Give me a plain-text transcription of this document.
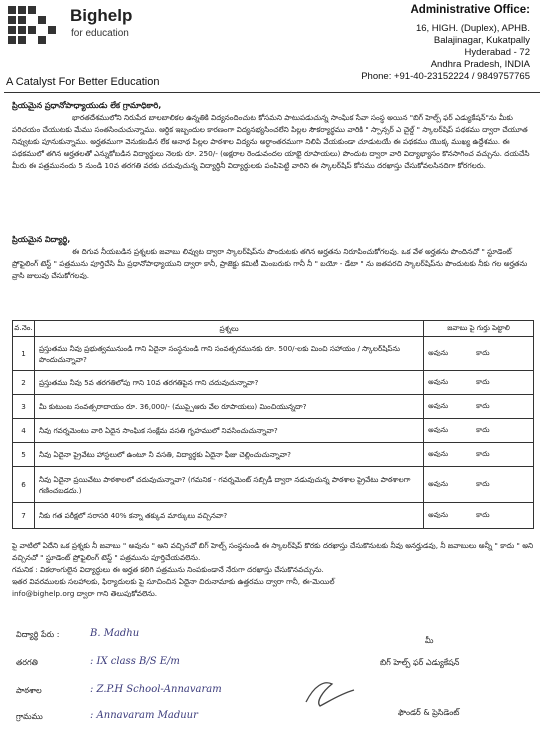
Bighelp
for education
A Catalyst For Better Education
Administrative Office:
16, HIGH. (Duplex), APHB.
Balajinagar, Kukatpally
Hyderabad - 72
Andhra Pradesh, INDIA
Phone: +91-40-23152224 / 9849757765
ప్రియమైన ప్రధానోపాధ్యాయుడు లేక గ్రామాధికారి,
భారతదేశములోని నిరుపేద బాలబాలికల ఉన్నతికి విద్యనందించుట కోసమని పాటుపడుచున్న సాంఘిక సేవా సంస్థ అయిన "బిగ్ హెల్ప్ ఫర్ ఎడ్యుకేషన్"ను మీకు పరిచయం చేయుటకు మేము సంతసించుచున్నాము. ఆర్థిక ఇబ్బందుల కారణంగా విద్యనభ్యసించలేని పిల్లల సౌకర్యార్థము వారికి " స్పాన్సర్ ఎ చైల్డ్ " స్కాలర్‌షిప్ పథకము ద్వారా చేయూత నివ్వుటకు పూనుకున్నాము. అర్హతముగా వెనుకబడిన లేక అనాథ పిల్లల పాఠశాల విద్యను అర్థాంతరముగా నిలిపి వేయకుండా చూడుటయే ఈ పథకము యొక్క ముఖ్య ఉద్దేశము. ఈ పథకములో తగిన అర్హతలతో ఎన్నుకోబడిన విద్యార్థులు నెలకు రూ. 250/- (అక్షరాల రెండువందల యాభై రూపాయలు) పొందుట ద్వారా వారి విద్యాభ్యాసం కొనసాగించ వచ్చును. దయచేసి మీరు ఈ పత్రమునందు 5 నుండి 10వ తరగతి వరకు చదువుచున్న విద్యార్థినీ విద్యార్థులకు పంపిపెట్టి వారిని ఈ స్కాలర్‌షిప్ కోసము దరఖాస్తు చేసుకోవలసినదిగా కోరగలరు.
ప్రియమైన విద్యార్థి,
ఈ దిగువ నీయబడిన ప్రశ్నలకు జవాబు లివ్వుట ద్వారా స్కాలర్‌షిప్‌ను పొందుటకు తగిన అర్హతను నిరూపించుకోగలవు. ఒక వేళ అర్హతను పొందినచో " స్టూడెంట్ ప్రోఫైలింగ్ టెస్ట్ " పత్రమును పూర్తిచేసి మీ ప్రధానోపాధ్యాయుని ద్వారా కానీ, ప్రాజెక్టు కమిటీ మెంబరుకు గానీ నీ " బయో - డేటా " ను జతపరచి స్కాలర్‌షిప్‌ను పొందుటకు నీకు గల అర్హతను వ్రాసి జులువు చేసుకోగలవు.
వ.నెం.	ప్రశ్నలు	జవాబు పై గుర్తు పెట్టాలి
1	ప్రస్తుతము నీవు ప్రభుత్వమునుండి గాని ఏదైనా సంస్థనుండి గాని సంవత్సరమునకు రూ. 500/-లకు మించి సహాయం / స్కాలర్‌షిప్‌ను పొందుచున్నావా?	అవును కాదు
2	ప్రస్తుతము నీవు 5వ తరగతిలోపు గాని 10వ తరగతిపైన గాని చదువుచున్నావా?	అవును కాదు
3	మీ కుటుంబ సంవత్సరాదాయం రూ. 36,000/- (ముప్పైఆరు వేల రూపాయలు) మించియున్నదా?	అవును కాదు
4	నీవు గవర్నమెంటు వారి ఏదైన సాంఘిక సంక్షేమ వసతి గృహములో నివసించుచున్నావా?	అవును కాదు
5	నీవు ఏదైనా ప్రైవేటు హాస్టలులో ఉంటూ నీ వసతి, విద్యార్థకు ఏదైనా ఫీజు చెల్లించుచున్నావా?	అవును కాదు
6	నీవు ఏదైనా ప్రయివేటు పాఠశాలలో చదువుచున్నావా? (గమనిక - గవర్నమెంట్ సబ్సిడీ ద్వారా నడువుచున్న పాఠశాల ప్రైవేటు పాఠశాలగా గణించబడదు.)	అవును కాదు
7	నీకు గత పరీక్షలో సరాసరి 40% కన్నా తక్కువ మార్కులు వచ్చినవా?	అవును కాదు
పై వాటిలో ఏదేని ఒక ప్రశ్నకు నీ జవాబు " అవును " అని వచ్చినచో బిగ్ హెల్ప్ సంస్థనుండి ఈ స్కాలర్‌షిప్ కొరకు దరఖాస్తు చేసుకొనుటకు నీవు అనర్హుడవు, నీ జవాబులు అన్నీ " కాదు " అని వచ్చినచో " స్టూడెంట్ ప్రోఫైలింగ్ టెస్ట్ " పత్రమును పూర్తిచేయవలెను.
గమనిక : వికలాంగులైన విద్యార్థులు ఈ అర్హత కలిగి పత్రమును నింపకుండానే నేరుగా దరఖాస్తు చేసుకొనవచ్చును.
ఇతర వివరములకు సలహాలకు, ఫిర్యాదులకు పై సూచించిన ఏదైనా చిరునామాకు ఉత్తరము ద్వారా గానీ, ఈ-మెయిల్
info@bighelp.org ద్వారా గాని తెలుపుకోవలెను.
విద్యార్థి పేరు :	B. Madhu
తరగతి	: IX class B/S E/m
పాఠశాల	: Z.P.H School-Annavaram
గ్రామము	: Annavaram Maduur
మీ
బిగ్ హెల్ప్ ఫర్ ఎడ్యుకేషన్
ఫౌండర్ & ప్రెసిడెంట్
